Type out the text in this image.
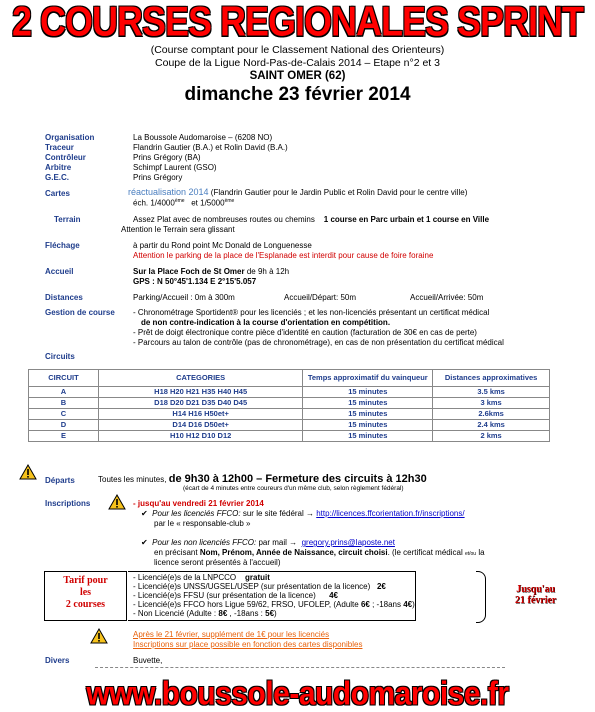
2 COURSES REGIONALES SPRINT
(Course comptant pour le Classement National des Orienteurs)
Coupe de la Ligue Nord-Pas-de-Calais 2014 – Etape n°2 et 3
SAINT OMER (62)
dimanche 23 février 2014
Organisation	La Boussole Audomaroise – (6208 NO)
Traceur	Flandrin Gautier (B.A.) et Rolin David (B.A.)
Contrôleur	Prins Grégory (BA)
Arbitre	Schimpf Laurent (GSO)
G.E.C.	Prins Grégory
Cartes	réactualisation 2014 (Flandrin Gautier pour le Jardin Public et Rolin David pour le centre ville)
éch. 1/4000ème et 1/5000ème
Terrain	Assez Plat avec de nombreuses routes ou chemins 1 course en Parc urbain et 1 course en Ville
Attention le Terrain sera glissant
Fléchage	à partir du Rond point Mc Donald de Longuenesse
Attention le parking de la place de l'Esplanade est interdit pour cause de foire foraine
Accueil	Sur la Place Foch de St Omer de 9h à 12h
GPS : N 50°45'1.134 E 2°15'5.057
Distances	Parking/Accueil : 0m à 300m	Accueil/Départ: 50m	Accueil/Arrivée: 50m
Gestion de course - Chronométrage Sportident® pour les licenciés ; et les non-licenciés présentant un certificat médical
de non contre-indication à la course d'orientation en compétition.
- Prêt de doigt électronique contre pièce d'identité en caution (facturation de 30€ en cas de perte)
- Parcours au talon de contrôle (pas de chronométrage), en cas de non présentation du certificat médical
Circuits
CIRCUIT	CATEGORIES	Temps approximatif du vainqueur	Distances approximatives
A	H18 H20 H21 H35 H40 H45	15 minutes	3.5 kms
B	D18 D20 D21 D35 D40 D45	15 minutes	3 kms
C	H14 H16 H50et+	15 minutes	2.6kms
D	D14 D16 D50et+	15 minutes	2.4 kms
E	H10 H12 D10 D12	15 minutes	2 kms
Départs	Toutes les minutes, de 9h30 à 12h00 – Fermeture des circuits à 12h30
(écart de 4 minutes entre coureurs d'un même club, selon règlement fédéral)
Inscriptions	- jusqu'au vendredi 21 février 2014
✔ Pour les licenciés FFCO: sur le site fédéral → http://licences.ffcorientation.fr/inscriptions/
par le « responsable-club »
✔ Pour les non licenciés FFCO: par mail → gregory.prins@laposte.net
en précisant Nom, Prénom, Année de Naissance, circuit choisi. (le certificat médical et/ou la
licence seront présentés à l'accueil)
Tarif pour
les
2 courses
- Licencié(e)s de la LNPCCO gratuit
- Licencié(e)s UNSS/UGSEL/USEP (sur présentation de la licence) 2€
- Licencié(e)s FFSU (sur présentation de la licence) 4€
- Licencié(e)s FFCO hors Ligue 59/62, FRSO, UFOLEP, (Adulte 6€ ; -18ans 4€)
- Non Licencié (Adulte : 8€ , -18ans : 5€)
Jusqu'au
21 février
Après le 21 février, supplément de 1€ pour les licenciés
Inscriptions sur place possible en fonction des cartes disponibles
Divers	Buvette,
www.boussole-audomaroise.fr
